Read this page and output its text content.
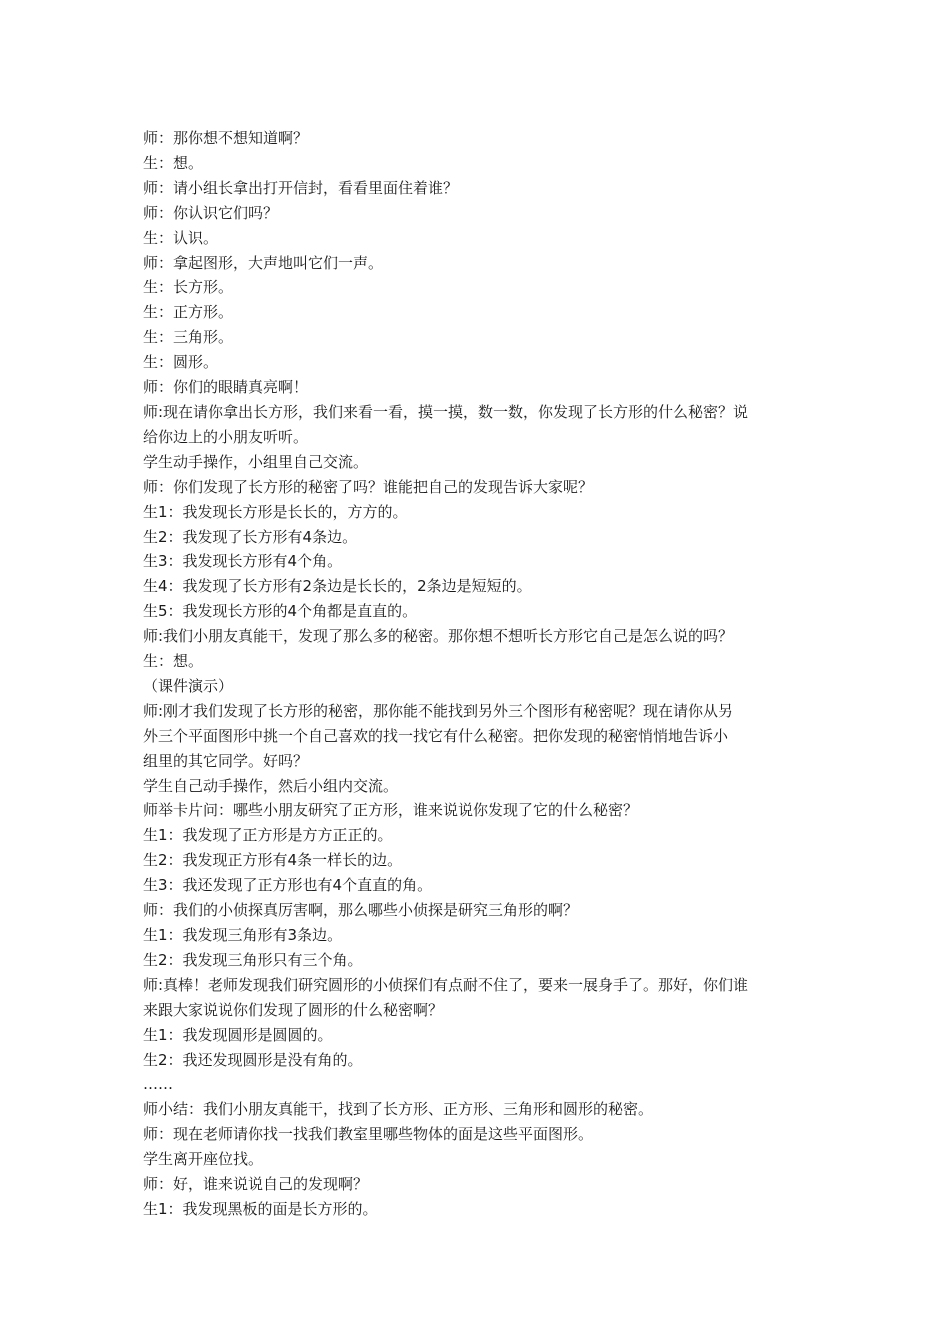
师：那你想不想知道啊？
生：想。
师：请小组长拿出打开信封，看看里面住着谁？
师：你认识它们吗？
生：认识。
师：拿起图形，大声地叫它们一声。
生：长方形。
生：正方形。
生：三角形。
生：圆形。
师：你们的眼睛真亮啊！
师:现在请你拿出长方形，我们来看一看，摸一摸，数一数，你发现了长方形的什么秘密？说
给你边上的小朋友听听。
学生动手操作，小组里自己交流。
师：你们发现了长方形的秘密了吗？谁能把自己的发现告诉大家呢？
生1：我发现长方形是长长的，方方的。
生2：我发现了长方形有4条边。
生3：我发现长方形有4个角。
生4：我发现了长方形有2条边是长长的，2条边是短短的。
生5：我发现长方形的4个角都是直直的。
师:我们小朋友真能干，发现了那么多的秘密。那你想不想听长方形它自己是怎么说的吗？
生：想。
（课件演示）
师:刚才我们发现了长方形的秘密，那你能不能找到另外三个图形有秘密呢？现在请你从另
外三个平面图形中挑一个自己喜欢的找一找它有什么秘密。把你发现的秘密悄悄地告诉小
组里的其它同学。好吗？
学生自己动手操作，然后小组内交流。
师举卡片问：哪些小朋友研究了正方形，谁来说说你发现了它的什么秘密？
生1：我发现了正方形是方方正正的。
生2：我发现正方形有4条一样长的边。
生3：我还发现了正方形也有4个直直的角。
师：我们的小侦探真厉害啊，那么哪些小侦探是研究三角形的啊？
生1：我发现三角形有3条边。
生2：我发现三角形只有三个角。
师:真棒！老师发现我们研究圆形的小侦探们有点耐不住了，要来一展身手了。那好，你们谁
来跟大家说说你们发现了圆形的什么秘密啊？
生1：我发现圆形是圆圆的。
生2：我还发现圆形是没有角的。
……
师小结：我们小朋友真能干，找到了长方形、正方形、三角形和圆形的秘密。
师：现在老师请你找一找我们教室里哪些物体的面是这些平面图形。
学生离开座位找。
师：好，谁来说说自己的发现啊？
生1：我发现黑板的面是长方形的。
